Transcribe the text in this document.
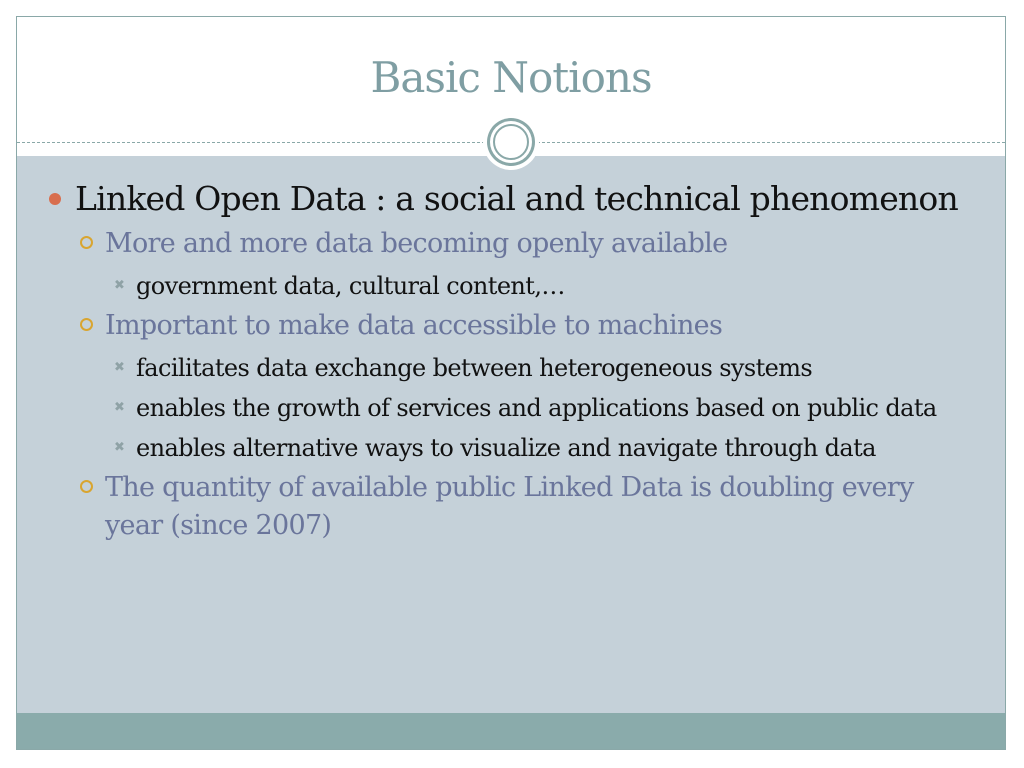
Basic Notions
Linked Open Data : a social and technical phenomenon
More and more data becoming openly available
✖ government data, cultural content,…
Important to make data accessible to machines
✖ facilitates data exchange between heterogeneous systems
✖ enables the growth of services and applications based on public data
✖ enables alternative ways to visualize and navigate through data
The quantity of available public Linked Data is doubling every year (since 2007)
